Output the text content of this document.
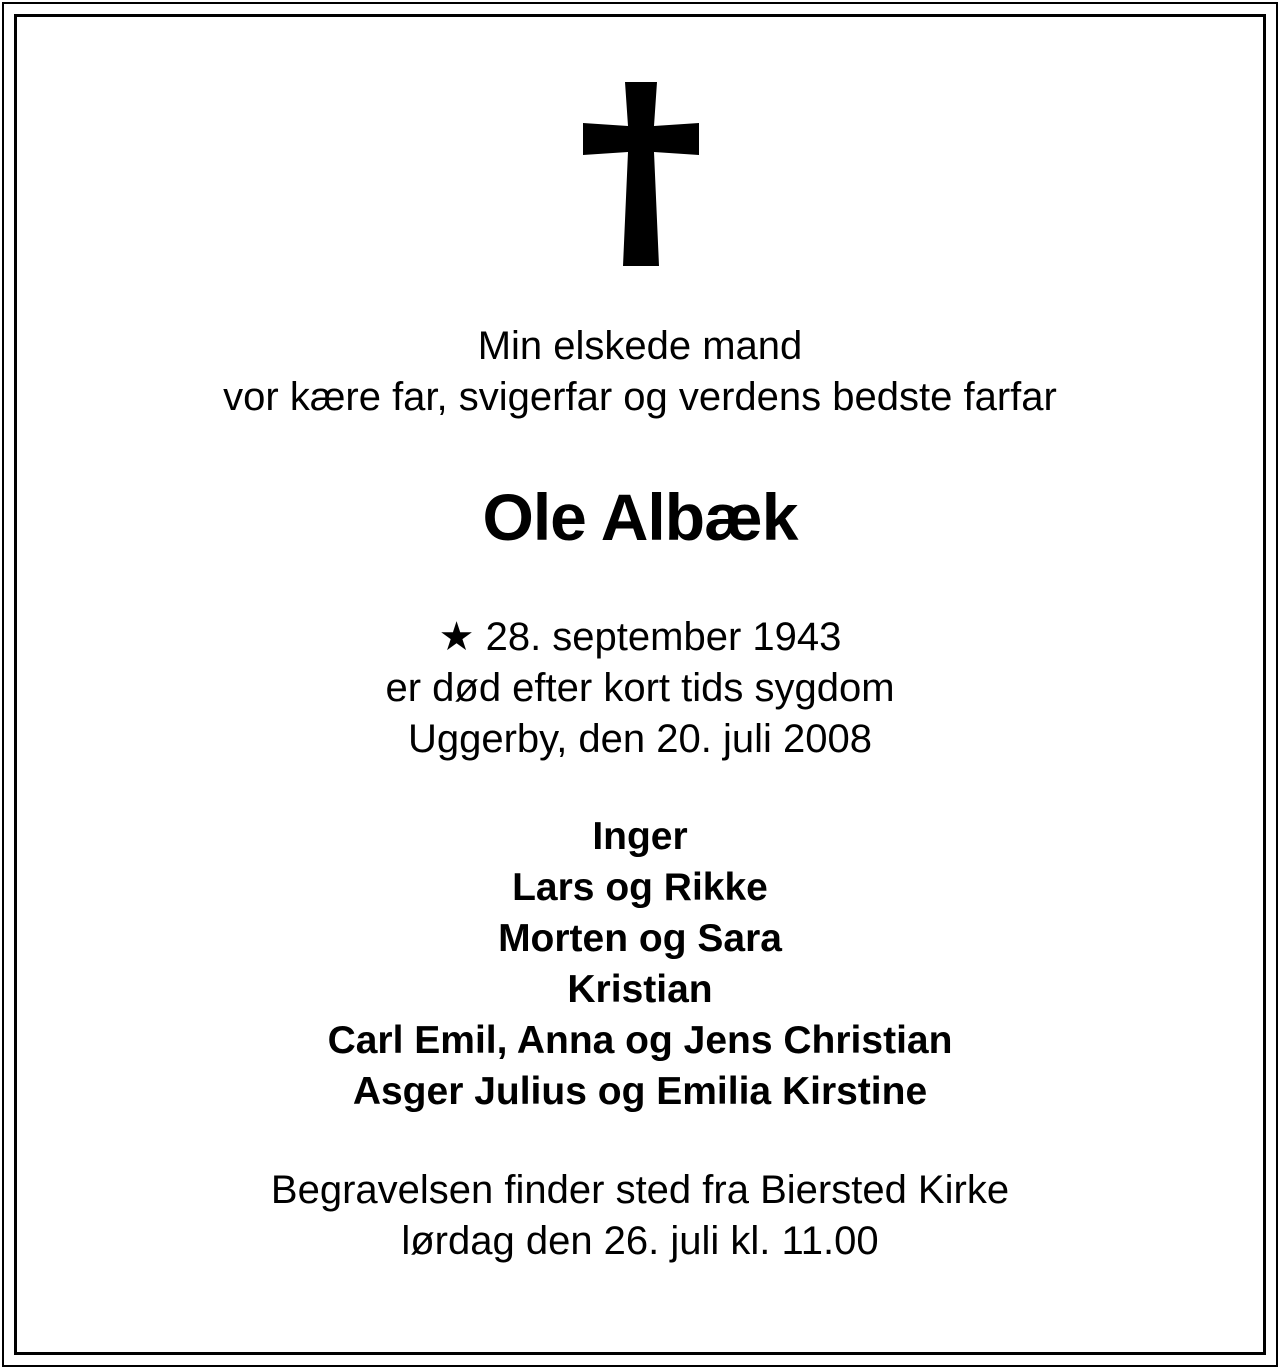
Min elskede mand
vor kære far, svigerfar og verdens bedste farfar
Ole Albæk
★ 28. september 1943
er død efter kort tids sygdom
Uggerby, den 20. juli 2008
Inger
Lars og Rikke
Morten og Sara
Kristian
Carl Emil, Anna og Jens Christian
Asger Julius og Emilia Kirstine
Begravelsen finder sted fra Biersted Kirke
lørdag den 26. juli kl. 11.00
